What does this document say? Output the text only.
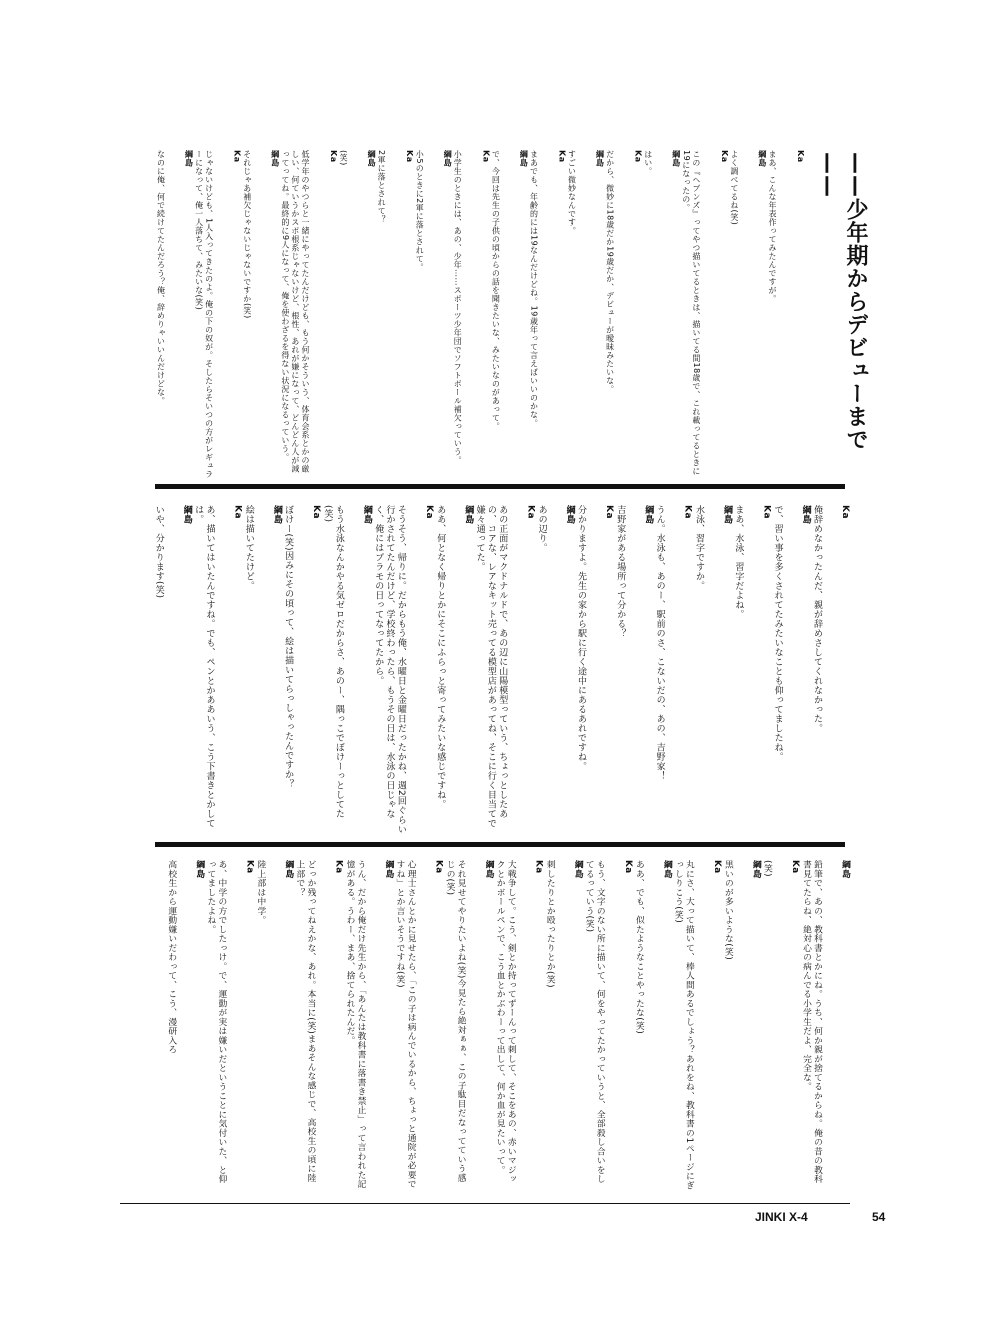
——少年期からデビューまで——
Ka
まあ、こんな年表作ってみたんですが。
綱島
よく調べてるね(笑)
Ka
この『ヘブンズ』ってやつ描いてるときは、描いてる間18歳で、これ載ってるときに19になったの。
綱島
はい。
Ka
だから、微妙に18歳だか19歳だか、デビューが曖昧みたいな。
綱島
すごい微妙なんです。
Ka
まあでも、年齢的には19なんだけどね。19歳年って言えばいいのかな。
綱島
で、今回は先生の子供の頃からの話を聞きたいな、みたいなのがあって。
Ka
小学生のときには、あの、少年……スポーツ少年団でソフトボール補欠っていう。
綱島
小5のときに2軍に落とされて。
Ka
2軍に落とされて？
綱島
(笑)
Ka
低学年のやつらと一緒にやってたんだけども、もう何かそういう、体育会系とかの厳しい、何ていうかスポ根系じゃないけど、根性、あれが嫌になって、どんどん人が減ってってね。最終的に9人になって、俺を使わざるを得ない状況になるっていう。
綱島
それじゃあ補欠じゃないじゃないですか(笑)
Ka
じゃないけども、1人入ってきたのよ。俺の下の奴が。そしたらそいつの方がレギュラーになって、俺一人落ちて、みたいな(笑)
綱島
なのに俺、何で続けてたんだろう？俺、辞めりゃいいんだけどな。
Ka
俺辞めなかったんだ、親が辞めさしてくれなかった。
綱島
で、習い事を多くされてたみたいなことも仰ってましたね。
Ka
まあ、水泳、習字だよね。
綱島
水泳、習字ですか。
Ka
うん。水泳も、あのー、駅前のさ、こないだの、あの、吉野家！
綱島
吉野家がある場所って分かる？
Ka
分かりますよ。先生の家から駅に行く途中にあるあれですね。
綱島
あの辺り。
Ka
あの正面がマクドナルドで、あの辺に山陽模型っていう、ちょっとしたあの、コアな、レアなキット売ってる模型店があってね、そこに行く目当てで嫌々通ってた。
綱島
ああ、何となく帰りとかにそこにふらっと寄ってみたいな感じですね。
Ka
そうそう、帰りに。だからもう俺、水曜日と金曜日だったかね、週2回ぐらい行かされてたんだけど、学校終わったら、もうその日は、水泳の日じゃなく、俺にはプラモの日ってなってたから。
綱島
もう水泳なんかやる気ゼロだからさ、あのー、隅っこでぼけーっとしてた(笑)
Ka
ぼけー(笑)因みにその頃って、絵は描いてらっしゃったんですか？
綱島
絵は描いてたけど。
Ka
あ、描いてはいたんですね。でも、ペンとかああいう、こう下書きとかしては。
綱島
いや、分かります(笑)
綱島
鉛筆で、あの、教科書とかにね。うち、何か親が捨てるからね。俺の昔の教科書見てたらね、絶対心の病んでる小学生だよ、完全な。
Ka
(笑)
綱島
黒いのが多いような(笑)
Ka
丸にさ、大って描いて、棒人間あるでしょう？あれをね、教科書の1ページにぎっしりこう(笑)
綱島
ああ、でも、似たようなことやったな(笑)
Ka
もう、文字のない所に描いて、何をやってたかっていうと、全部殺し合いをしてるっていう(笑)
綱島
刺したりとか殴ったりとか(笑)
Ka
大戦争して。こう、剣とか持ってずーんって刺して、そこをあの、赤いマジックとかボールペンで、こう血とかぶわーって出して、何か血が見たいって。
綱島
それ見せてやりたいよね(笑)今見たら絶対ぁぁ、この子駄目だなってていう感じの(笑)
Ka
心理士さんとかに見せたら、「この子は病んでいるから、ちょっと通院が必要ですね」とか言いそうですね(笑)
綱島
うん、だから俺だけ先生から、「あんたは教科書に落書き禁止」って言われた記憶がある。うわー、まあ、捨てられたんだ。
Ka
どっか残ってねえかな、あれ。本当に(笑)まあそんな感じで、高校生の頃に陸上部で？
綱島
陸上部は中学。
Ka
あ、中学の方でしたっけ。で、運動が実は嫌いだということに気付いた、と仰ってましたよね。
綱島
高校生から運動嫌いだわって、こう、漫研入ろ
JINKI X-4	54
